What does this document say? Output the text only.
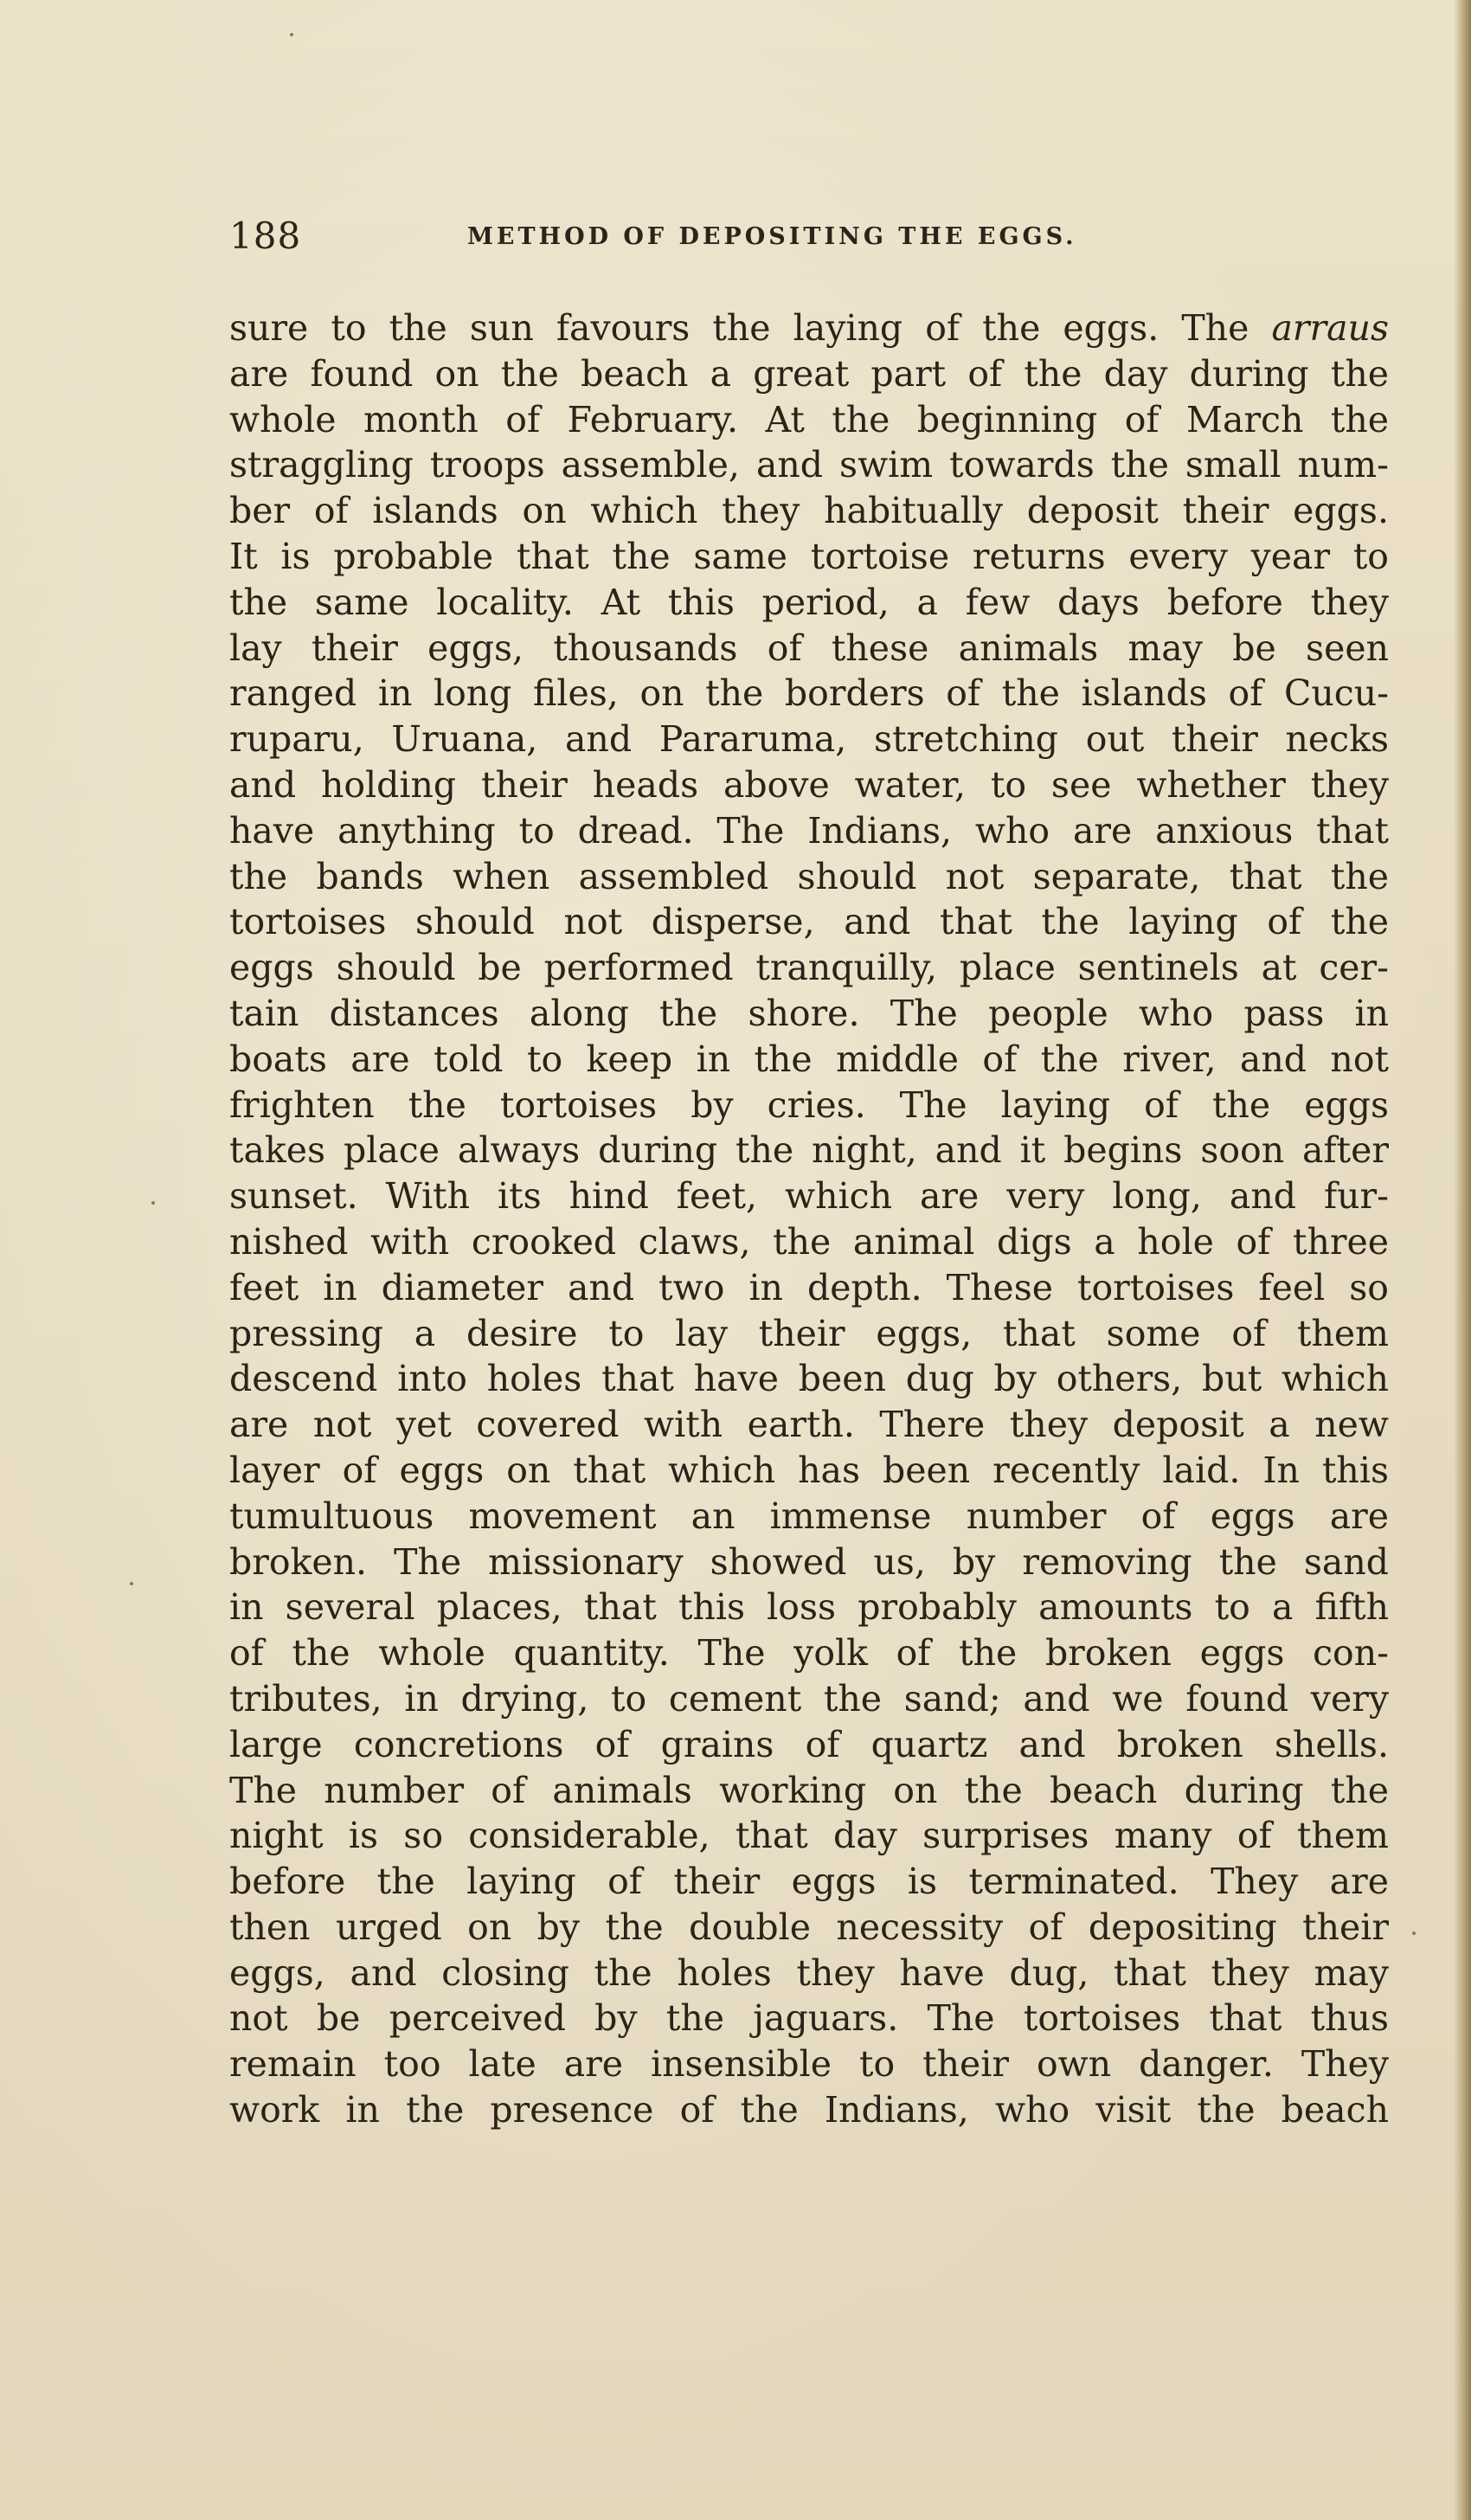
188	METHOD OF DEPOSITING THE EGGS.
sure to the sun favours the laying of the eggs. The arraus
are found on the beach a great part of the day during the
whole month of February. At the beginning of March the
straggling troops assemble, and swim towards the small num-
ber of islands on which they habitually deposit their eggs.
It is probable that the same tortoise returns every year to
the same locality. At this period, a few days before they
lay their eggs, thousands of these animals may be seen
ranged in long files, on the borders of the islands of Cucu-
ruparu, Uruana, and Pararuma, stretching out their necks
and holding their heads above water, to see whether they
have anything to dread. The Indians, who are anxious that
the bands when assembled should not separate, that the
tortoises should not disperse, and that the laying of the
eggs should be performed tranquilly, place sentinels at cer-
tain distances along the shore. The people who pass in
boats are told to keep in the middle of the river, and not
frighten the tortoises by cries. The laying of the eggs
takes place always during the night, and it begins soon after
sunset. With its hind feet, which are very long, and fur-
nished with crooked claws, the animal digs a hole of three
feet in diameter and two in depth. These tortoises feel so
pressing a desire to lay their eggs, that some of them
descend into holes that have been dug by others, but which
are not yet covered with earth. There they deposit a new
layer of eggs on that which has been recently laid. In this
tumultuous movement an immense number of eggs are
broken. The missionary showed us, by removing the sand
in several places, that this loss probably amounts to a fifth
of the whole quantity. The yolk of the broken eggs con-
tributes, in drying, to cement the sand; and we found very
large concretions of grains of quartz and broken shells.
The number of animals working on the beach during the
night is so considerable, that day surprises many of them
before the laying of their eggs is terminated. They are
then urged on by the double necessity of depositing their
eggs, and closing the holes they have dug, that they may
not be perceived by the jaguars. The tortoises that thus
remain too late are insensible to their own danger. They
work in the presence of the Indians, who visit the beach
